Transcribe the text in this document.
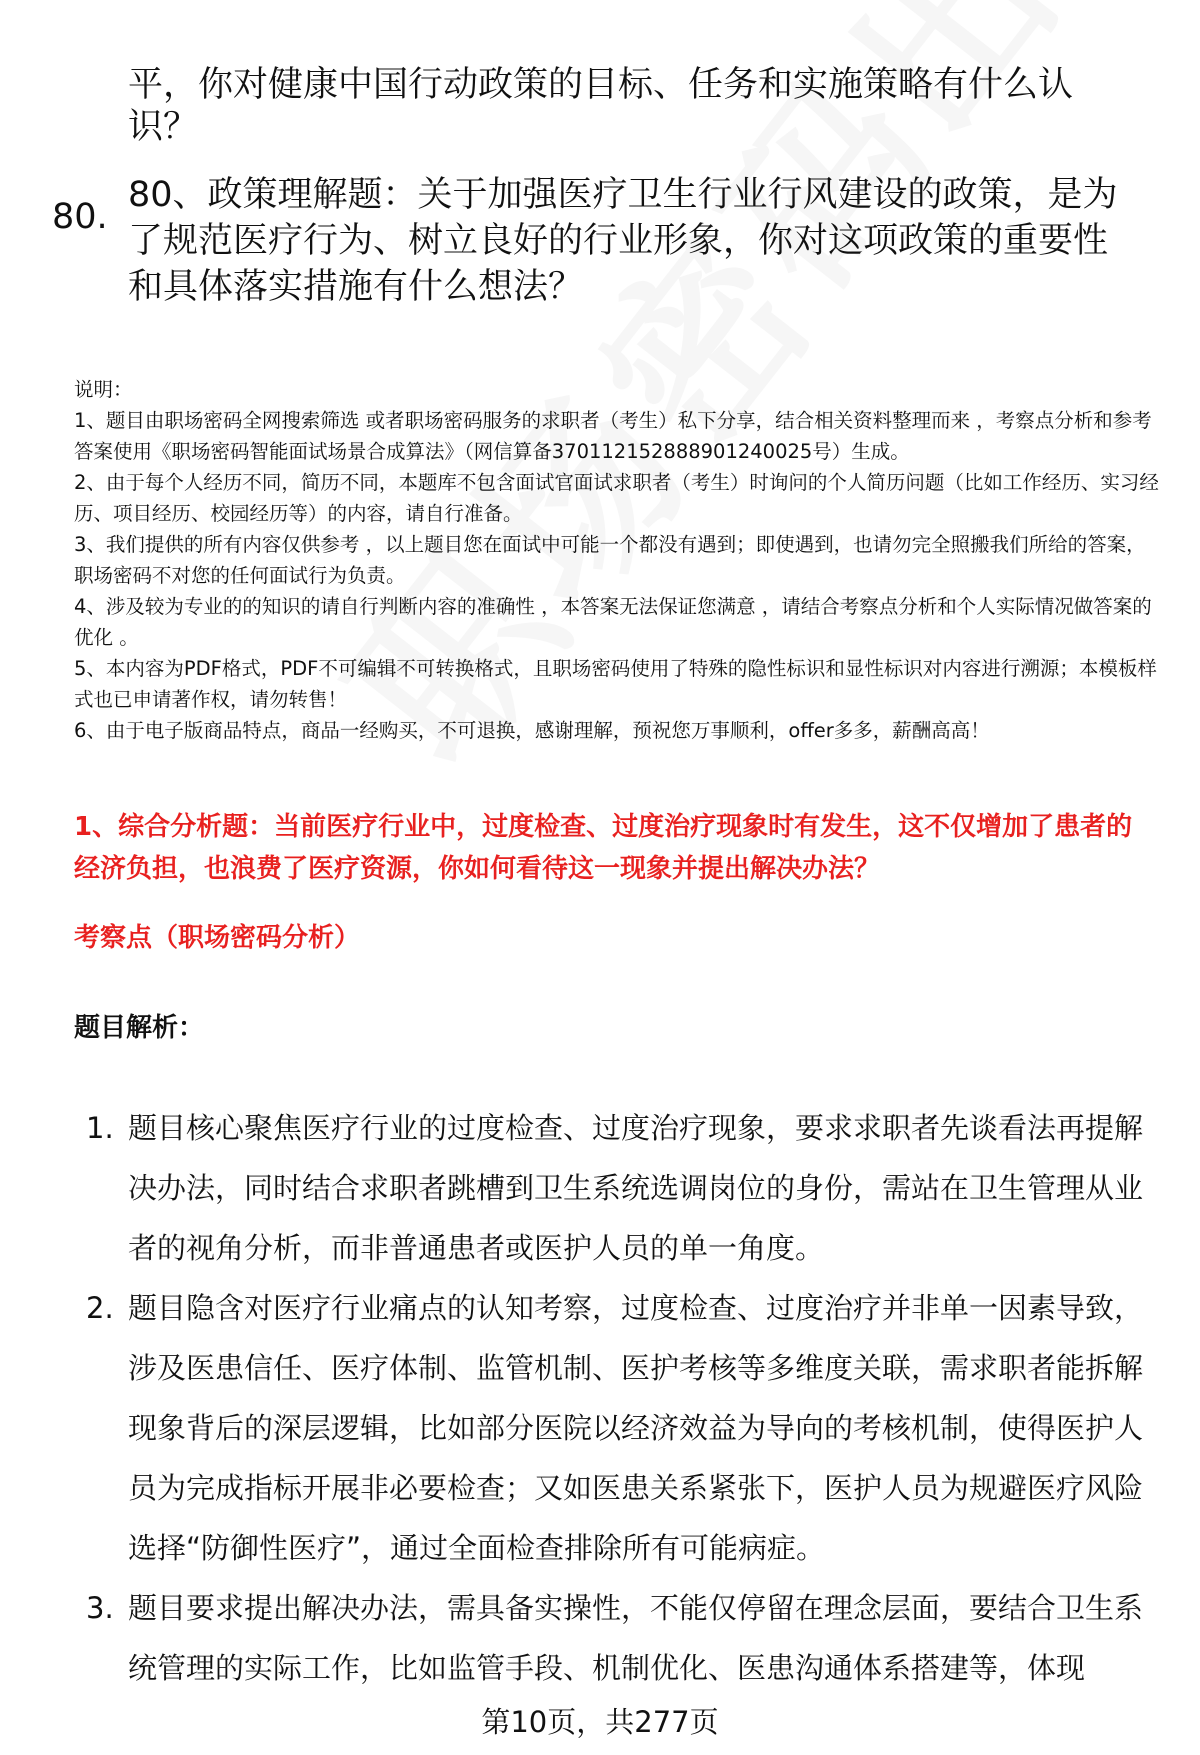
平，你对健康中国行动政策的目标、任务和实施策略有什么认
识？
80.
80、政策理解题：关于加强医疗卫生行业行风建设的政策，是为
了规范医疗行为、树立良好的行业形象，你对这项政策的重要性
和具体落实措施有什么想法？

说明：

1、题目由职场密码全网搜索筛选 或者职场密码服务的求职者（考生）私下分享，结合相关资料整理而来 ，考察点分析和参考答案使用《职场密码智能面试场景合成算法》（网信算备370112152888901240025号）生成。

2、由于每个人经历不同，简历不同，本题库不包含面试官面试求职者（考生）时询问的个人简历问题（比如工作经历、实习经历、项目经历、校园经历等）的内容，请自行准备。

3、我们提供的所有内容仅供参考 ，以上题目您在面试中可能一个都没有遇到；即使遇到，也请勿完全照搬我们所给的答案，职场密码不对您的任何面试行为负责。

4、涉及较为专业的的知识的请自行判断内容的准确性 ，本答案无法保证您满意 ，请结合考察点分析和个人实际情况做答案的优化 。

5、本内容为PDF格式，PDF不可编辑不可转换格式，且职场密码使用了特殊的隐性标识和显性标识对内容进行溯源；本模板样式也已申请著作权，请勿转售！

6、由于电子版商品特点，商品一经购买，不可退换，感谢理解，预祝您万事顺利，offer多多，薪酬高高！

1、综合分析题：当前医疗行业中，过度检查、过度治疗现象时有发生，这不仅增加了患者的经济负担，也浪费了医疗资源，你如何看待这一现象并提出解决办法？
考察点（职场密码分析）
题目解析：
1. 题目核心聚焦医疗行业的过度检查、过度治疗现象，要求求职者先谈看法再提解决办法，同时结合求职者跳槽到卫生系统选调岗位的身份，需站在卫生管理从业者的视角分析，而非普通患者或医护人员的单一角度。
2. 题目隐含对医疗行业痛点的认知考察，过度检查、过度治疗并非单一因素导致，涉及医患信任、医疗体制、监管机制、医护考核等多维度关联，需求职者能拆解现象背后的深层逻辑，比如部分医院以经济效益为导向的考核机制，使得医护人员为完成指标开展非必要检查；又如医患关系紧张下，医护人员为规避医疗风险选择“防御性医疗”，通过全面检查排除所有可能病症。
3. 题目要求提出解决办法，需具备实操性，不能仅停留在理念层面，要结合卫生系统管理的实际工作，比如监管手段、机制优化、医患沟通体系搭建等，体现
第10页，共277页
